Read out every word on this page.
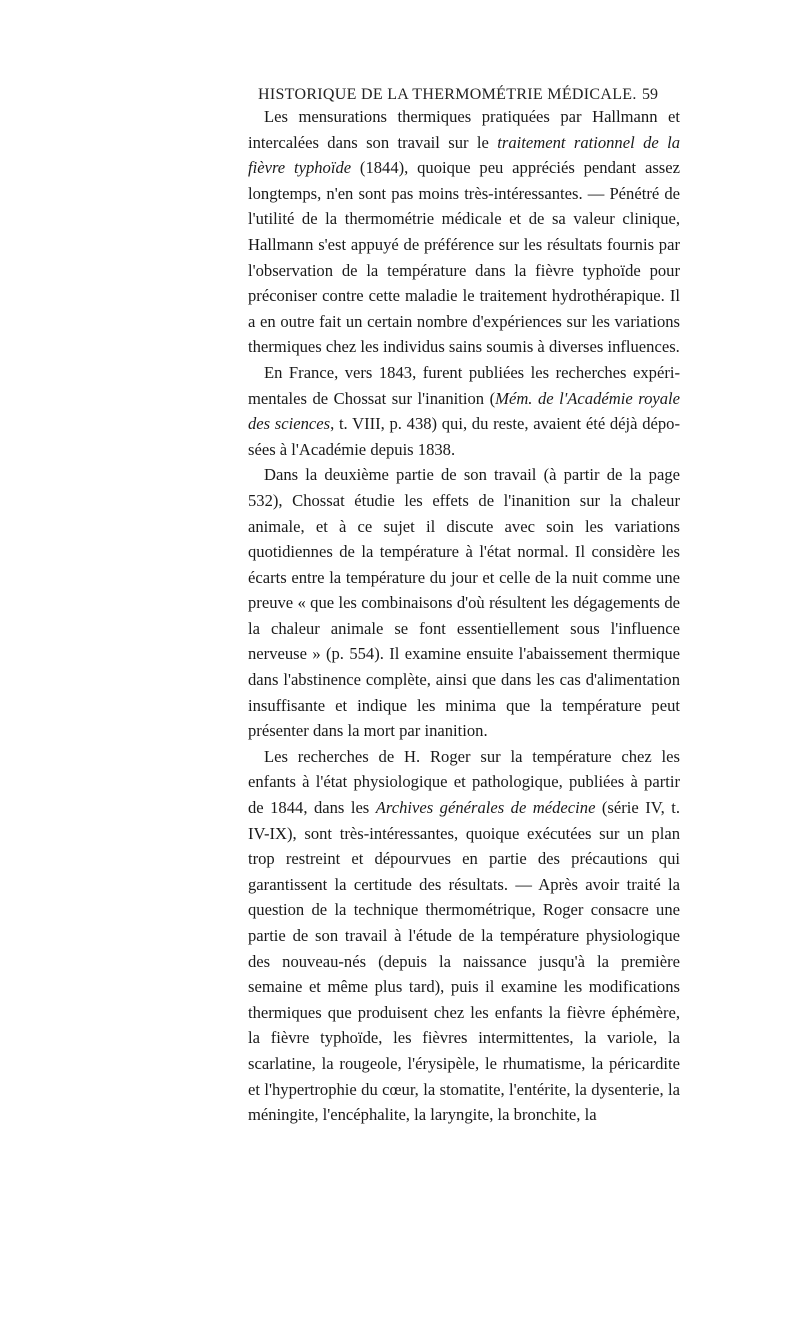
HISTORIQUE DE LA THERMOMÉTRIE MÉDICALE. 59

Les mensurations thermiques pratiquées par Hallmann et intercalées dans son travail sur le traitement rationnel de la fièvre typhoïde (1844), quoique peu appréciés pendant assez longtemps, n'en sont pas moins très-intéressantes. — Pénétré de l'utilité de la thermométrie médicale et de sa valeur clinique, Hallmann s'est appuyé de préférence sur les résultats fournis par l'observation de la température dans la fièvre typhoïde pour préconiser contre cette maladie le traitement hydrothérapique. Il a en outre fait un certain nombre d'expériences sur les variations thermiques chez les individus sains soumis à diverses influences.

En France, vers 1843, furent publiées les recherches expérimentales de Chossat sur l'inanition (Mém. de l'Académie royale des sciences, t. VIII, p. 438) qui, du reste, avaient été déjà déposées à l'Académie depuis 1838.

Dans la deuxième partie de son travail (à partir de la page 532), Chossat étudie les effets de l'inanition sur la chaleur animale, et à ce sujet il discute avec soin les variations quotidiennes de la température à l'état normal. Il considère les écarts entre la température du jour et celle de la nuit comme une preuve « que les combinaisons d'où résultent les dégagements de la chaleur animale se font essentiellement sous l'influence nerveuse » (p. 554). Il examine ensuite l'abaissement thermique dans l'abstinence complète, ainsi que dans les cas d'alimentation insuffisante et indique les minima que la température peut présenter dans la mort par inanition.

Les recherches de H. Roger sur la température chez les enfants à l'état physiologique et pathologique, publiées à partir de 1844, dans les Archives générales de médecine (série IV, t. IV-IX), sont très-intéressantes, quoique exécutées sur un plan trop restreint et dépourvues en partie des précautions qui garantissent la certitude des résultats. — Après avoir traité la question de la technique thermométrique, Roger consacre une partie de son travail à l'étude de la température physiologique des nouveau-nés (depuis la naissance jusqu'à la première semaine et même plus tard), puis il examine les modifications thermiques que produisent chez les enfants la fièvre éphémère, la fièvre typhoïde, les fièvres intermittentes, la variole, la scarlatine, la rougeole, l'érysipèle, le rhumatisme, la péricardite et l'hypertrophie du cœur, la stomatite, l'entérite, la dysenterie, la méningite, l'encéphalite, la laryngite, la bronchite, la
